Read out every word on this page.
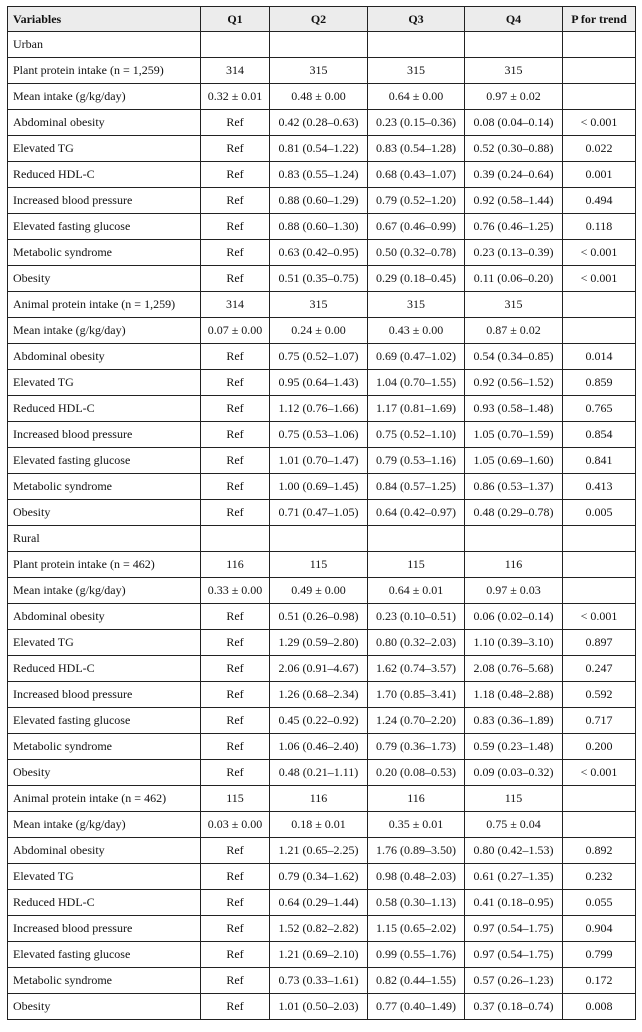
Variables	Q1	Q2	Q3	Q4	P for trend
Urban					
Plant protein intake (n = 1,259)	314	315	315	315	
Mean intake (g/kg/day)	0.32 ± 0.01	0.48 ± 0.00	0.64 ± 0.00	0.97 ± 0.02	
Abdominal obesity	Ref	0.42 (0.28–0.63)	0.23 (0.15–0.36)	0.08 (0.04–0.14)	< 0.001
Elevated TG	Ref	0.81 (0.54–1.22)	0.83 (0.54–1.28)	0.52 (0.30–0.88)	0.022
Reduced HDL-C	Ref	0.83 (0.55–1.24)	0.68 (0.43–1.07)	0.39 (0.24–0.64)	0.001
Increased blood pressure	Ref	0.88 (0.60–1.29)	0.79 (0.52–1.20)	0.92 (0.58–1.44)	0.494
Elevated fasting glucose	Ref	0.88 (0.60–1.30)	0.67 (0.46–0.99)	0.76 (0.46–1.25)	0.118
Metabolic syndrome	Ref	0.63 (0.42–0.95)	0.50 (0.32–0.78)	0.23 (0.13–0.39)	< 0.001
Obesity	Ref	0.51 (0.35–0.75)	0.29 (0.18–0.45)	0.11 (0.06–0.20)	< 0.001
Animal protein intake (n = 1,259)	314	315	315	315	
Mean intake (g/kg/day)	0.07 ± 0.00	0.24 ± 0.00	0.43 ± 0.00	0.87 ± 0.02	
Abdominal obesity	Ref	0.75 (0.52–1.07)	0.69 (0.47–1.02)	0.54 (0.34–0.85)	0.014
Elevated TG	Ref	0.95 (0.64–1.43)	1.04 (0.70–1.55)	0.92 (0.56–1.52)	0.859
Reduced HDL-C	Ref	1.12 (0.76–1.66)	1.17 (0.81–1.69)	0.93 (0.58–1.48)	0.765
Increased blood pressure	Ref	0.75 (0.53–1.06)	0.75 (0.52–1.10)	1.05 (0.70–1.59)	0.854
Elevated fasting glucose	Ref	1.01 (0.70–1.47)	0.79 (0.53–1.16)	1.05 (0.69–1.60)	0.841
Metabolic syndrome	Ref	1.00 (0.69–1.45)	0.84 (0.57–1.25)	0.86 (0.53–1.37)	0.413
Obesity	Ref	0.71 (0.47–1.05)	0.64 (0.42–0.97)	0.48 (0.29–0.78)	0.005
Rural					
Plant protein intake (n = 462)	116	115	115	116	
Mean intake (g/kg/day)	0.33 ± 0.00	0.49 ± 0.00	0.64 ± 0.01	0.97 ± 0.03	
Abdominal obesity	Ref	0.51 (0.26–0.98)	0.23 (0.10–0.51)	0.06 (0.02–0.14)	< 0.001
Elevated TG	Ref	1.29 (0.59–2.80)	0.80 (0.32–2.03)	1.10 (0.39–3.10)	0.897
Reduced HDL-C	Ref	2.06 (0.91–4.67)	1.62 (0.74–3.57)	2.08 (0.76–5.68)	0.247
Increased blood pressure	Ref	1.26 (0.68–2.34)	1.70 (0.85–3.41)	1.18 (0.48–2.88)	0.592
Elevated fasting glucose	Ref	0.45 (0.22–0.92)	1.24 (0.70–2.20)	0.83 (0.36–1.89)	0.717
Metabolic syndrome	Ref	1.06 (0.46–2.40)	0.79 (0.36–1.73)	0.59 (0.23–1.48)	0.200
Obesity	Ref	0.48 (0.21–1.11)	0.20 (0.08–0.53)	0.09 (0.03–0.32)	< 0.001
Animal protein intake (n = 462)	115	116	116	115	
Mean intake (g/kg/day)	0.03 ± 0.00	0.18 ± 0.01	0.35 ± 0.01	0.75 ± 0.04	
Abdominal obesity	Ref	1.21 (0.65–2.25)	1.76 (0.89–3.50)	0.80 (0.42–1.53)	0.892
Elevated TG	Ref	0.79 (0.34–1.62)	0.98 (0.48–2.03)	0.61 (0.27–1.35)	0.232
Reduced HDL-C	Ref	0.64 (0.29–1.44)	0.58 (0.30–1.13)	0.41 (0.18–0.95)	0.055
Increased blood pressure	Ref	1.52 (0.82–2.82)	1.15 (0.65–2.02)	0.97 (0.54–1.75)	0.904
Elevated fasting glucose	Ref	1.21 (0.69–2.10)	0.99 (0.55–1.76)	0.97 (0.54–1.75)	0.799
Metabolic syndrome	Ref	0.73 (0.33–1.61)	0.82 (0.44–1.55)	0.57 (0.26–1.23)	0.172
Obesity	Ref	1.01 (0.50–2.03)	0.77 (0.40–1.49)	0.37 (0.18–0.74)	0.008
